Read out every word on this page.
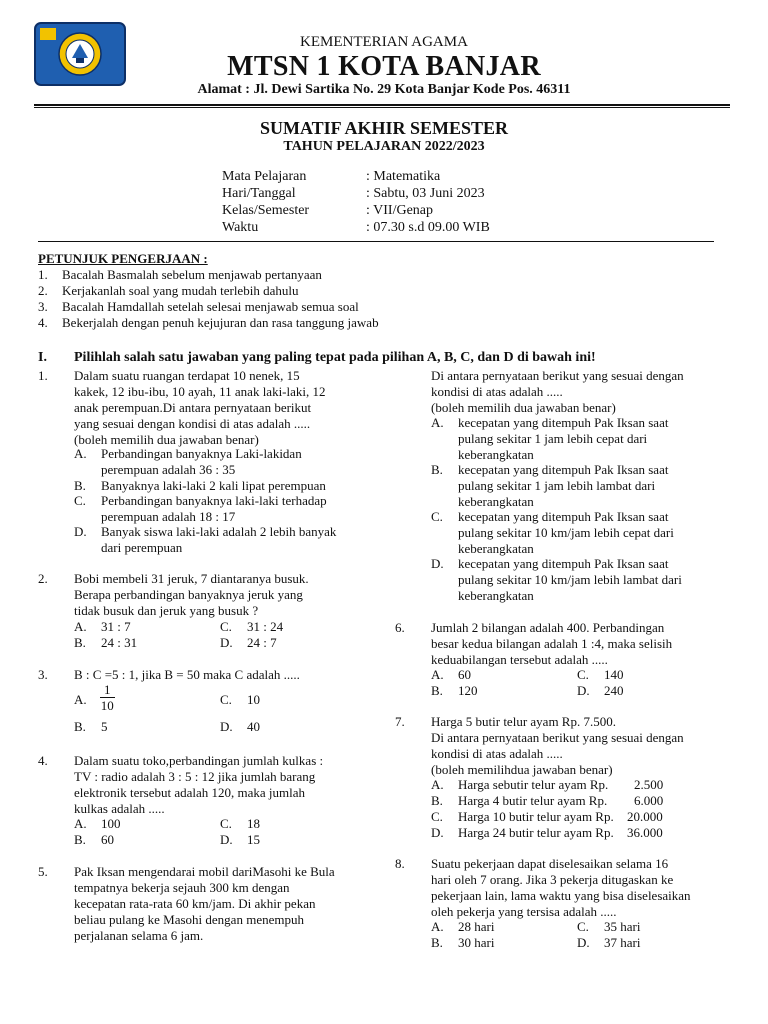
KEMENTERIAN AGAMA
MTSN 1 KOTA BANJAR
Alamat : Jl. Dewi Sartika No. 29 Kota Banjar Kode Pos. 46311
SUMATIF AKHIR SEMESTER
TAHUN PELAJARAN 2022/2023
Mata Pelajaran	: Matematika
Hari/Tanggal	: Sabtu, 03 Juni 2023
Kelas/Semester	: VII/Genap
Waktu	: 07.30 s.d 09.00 WIB
PETUNJUK PENGERJAAN :
1. Bacalah Basmalah sebelum menjawab pertanyaan
2. Kerjakanlah soal yang mudah terlebih dahulu
3. Bacalah Hamdallah setelah selesai menjawab semua soal
4. Bekerjalah dengan penuh kejujuran dan rasa tanggung jawab
I. Pilihlah salah satu jawaban yang paling tepat pada pilihan A, B, C, dan D di bawah ini!
1. Dalam suatu ruangan terdapat 10 nenek, 15
kakek, 12 ibu-ibu, 10 ayah, 11 anak laki-laki, 12
anak perempuan.Di antara pernyataan berikut
yang sesuai dengan kondisi di atas adalah .....
(boleh memilih dua jawaban benar)
A. Perbandingan banyaknya Laki-lakidan
perempuan adalah 36 : 35
B. Banyaknya laki-laki 2 kali lipat perempuan
C. Perbandingan banyaknya laki-laki terhadap
perempuan adalah 18 : 17
D. Banyak siswa laki-laki adalah 2 lebih banyak
dari perempuan
2. Bobi membeli 31 jeruk, 7 diantaranya busuk.
Berapa perbandingan banyaknya jeruk yang
tidak busuk dan jeruk yang busuk ?
A. 31 : 7	C. 31 : 24
B. 24 : 31	D. 24 : 7
3. B : C =5 : 1, jika B = 50 maka C adalah .....
A. $\frac{1}{10}$	C. 10
B. 5	D. 40
4. Dalam suatu toko,perbandingan jumlah kulkas :
TV : radio adalah 3 : 5 : 12 jika jumlah barang
elektronik tersebut adalah 120, maka jumlah
kulkas adalah .....
A. 100	C. 18
B. 60	D. 15
5. Pak Iksan mengendarai mobil dariMasohi ke Bula
tempatnya bekerja sejauh 300 km dengan
kecepatan rata-rata 60 km/jam. Di akhir pekan
beliau pulang ke Masohi dengan menempuh
perjalanan selama 6 jam.
Di antara pernyataan berikut yang sesuai dengan
kondisi di atas adalah .....
(boleh memilih dua jawaban benar)
A. kecepatan yang ditempuh Pak Iksan saat
pulang sekitar 1 jam lebih cepat dari
keberangkatan
B. kecepatan yang ditempuh Pak Iksan saat
pulang sekitar 1 jam lebih lambat dari
keberangkatan
C. kecepatan yang ditempuh Pak Iksan saat
pulang sekitar 10 km/jam lebih cepat dari
keberangkatan
D. kecepatan yang ditempuh Pak Iksan saat
pulang sekitar 10 km/jam lebih lambat dari
keberangkatan
6. Jumlah 2 bilangan adalah 400. Perbandingan
besar kedua bilangan adalah 1 :4, maka selisih
keduabilangan tersebut adalah .....
A. 60	C. 140
B. 120	D. 240
7. Harga 5 butir telur ayam Rp. 7.500.
Di antara pernyataan berikut yang sesuai dengan
kondisi di atas adalah .....
(boleh memilihdua jawaban benar)
A. Harga sebutir telur ayam Rp. 2.500
B. Harga 4 butir telur ayam Rp. 6.000
C. Harga 10 butir telur ayam Rp. 20.000
D. Harga 24 butir telur ayam Rp. 36.000
8. Suatu pekerjaan dapat diselesaikan selama 16
hari oleh 7 orang. Jika 3 pekerja ditugaskan ke
pekerjaan lain, lama waktu yang bisa diselesaikan
oleh pekerja yang tersisa adalah .....
A. 28 hari	C. 35 hari
B. 30 hari	D. 37 hari
